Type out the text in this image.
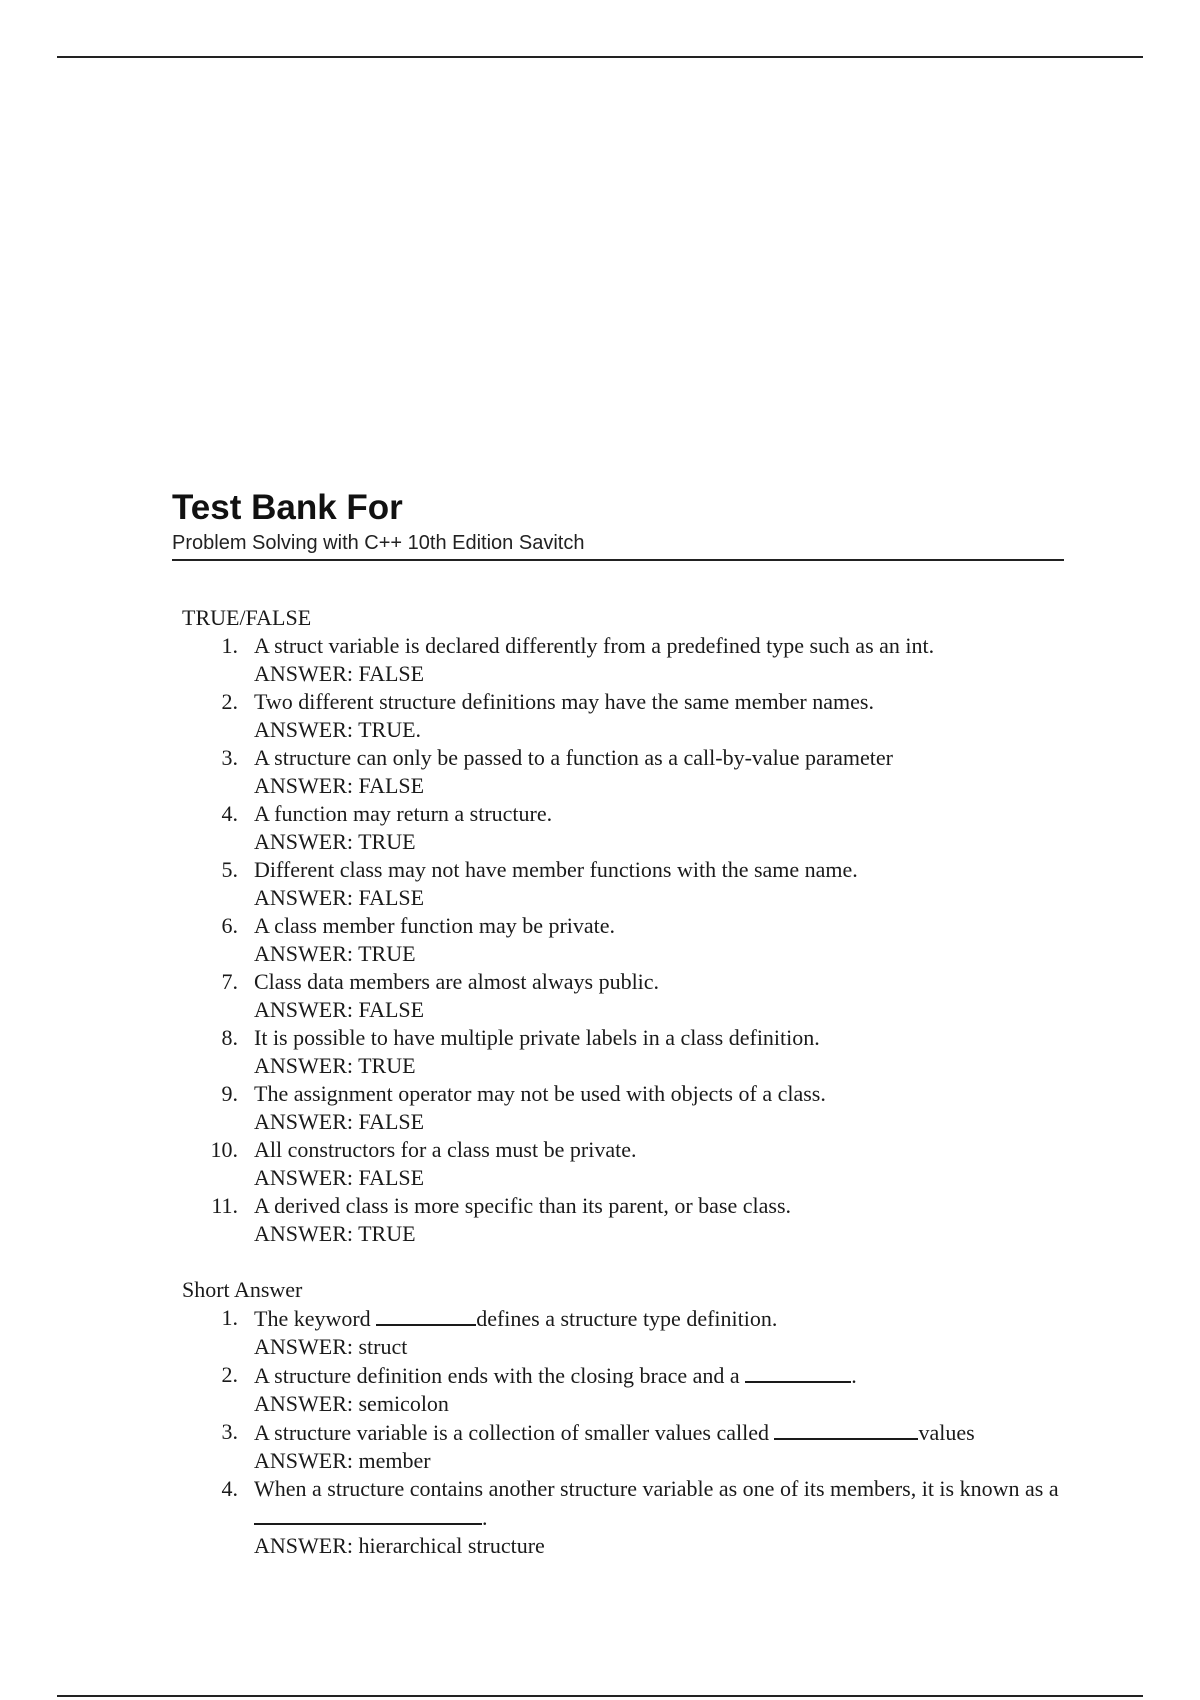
Test Bank For
Problem Solving with C++ 10th Edition Savitch
TRUE/FALSE
1. A struct variable is declared differently from a predefined type such as an int.
ANSWER: FALSE
2. Two different structure definitions may have the same member names.
ANSWER: TRUE.
3. A structure can only be passed to a function as a call-by-value parameter
ANSWER: FALSE
4. A function may return a structure.
ANSWER: TRUE
5. Different class may not have member functions with the same name.
ANSWER: FALSE
6. A class member function may be private.
ANSWER: TRUE
7. Class data members are almost always public.
ANSWER: FALSE
8. It is possible to have multiple private labels in a class definition.
ANSWER: TRUE
9. The assignment operator may not be used with objects of a class.
ANSWER: FALSE
10. All constructors for a class must be private.
ANSWER: FALSE
11. A derived class is more specific than its parent, or base class.
ANSWER: TRUE
Short Answer
1. The keyword	defines a structure type definition.
ANSWER: struct
2. A structure definition ends with the closing brace and a	.
ANSWER: semicolon
3. A structure variable is a collection of smaller values called	values
ANSWER: member
4. When a structure contains another structure variable as one of its members, it is known as a .
ANSWER: hierarchical structure
